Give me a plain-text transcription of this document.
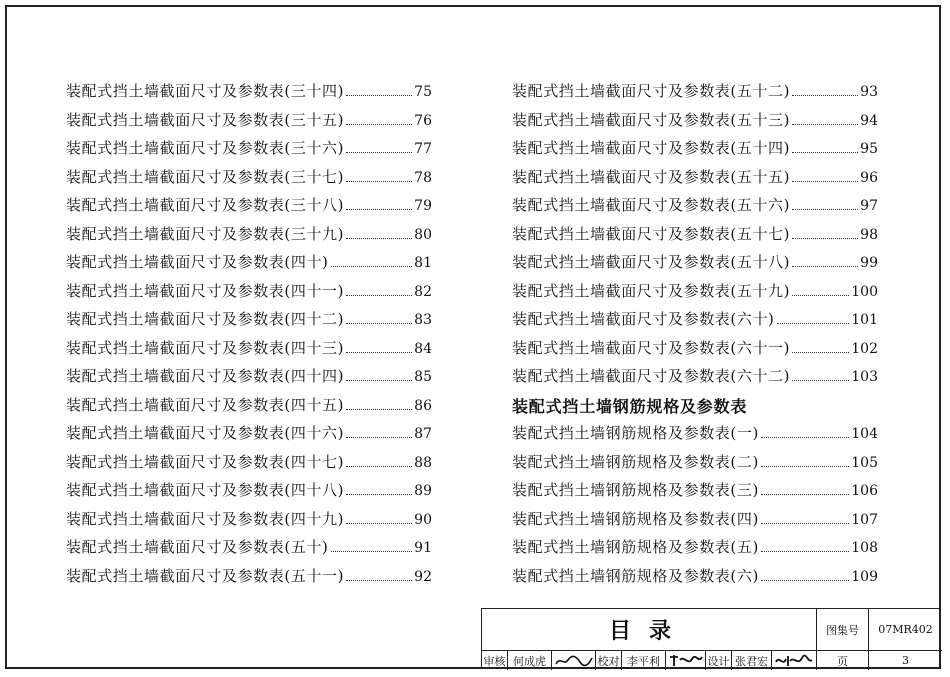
装配式挡土墙截面尺寸及参数表(三十四)	75
装配式挡土墙截面尺寸及参数表(三十五)	76
装配式挡土墙截面尺寸及参数表(三十六)	77
装配式挡土墙截面尺寸及参数表(三十七)	78
装配式挡土墙截面尺寸及参数表(三十八)	79
装配式挡土墙截面尺寸及参数表(三十九)	80
装配式挡土墙截面尺寸及参数表(四十)	81
装配式挡土墙截面尺寸及参数表(四十一)	82
装配式挡土墙截面尺寸及参数表(四十二)	83
装配式挡土墙截面尺寸及参数表(四十三)	84
装配式挡土墙截面尺寸及参数表(四十四)	85
装配式挡土墙截面尺寸及参数表(四十五)	86
装配式挡土墙截面尺寸及参数表(四十六)	87
装配式挡土墙截面尺寸及参数表(四十七)	88
装配式挡土墙截面尺寸及参数表(四十八)	89
装配式挡土墙截面尺寸及参数表(四十九)	90
装配式挡土墙截面尺寸及参数表(五十)	91
装配式挡土墙截面尺寸及参数表(五十一)	92
装配式挡土墙截面尺寸及参数表(五十二)	93
装配式挡土墙截面尺寸及参数表(五十三)	94
装配式挡土墙截面尺寸及参数表(五十四)	95
装配式挡土墙截面尺寸及参数表(五十五)	96
装配式挡土墙截面尺寸及参数表(五十六)	97
装配式挡土墙截面尺寸及参数表(五十七)	98
装配式挡土墙截面尺寸及参数表(五十八)	99
装配式挡土墙截面尺寸及参数表(五十九)	100
装配式挡土墙截面尺寸及参数表(六十)	101
装配式挡土墙截面尺寸及参数表(六十一)	102
装配式挡土墙截面尺寸及参数表(六十二)	103
装配式挡土墙钢筋规格及参数表
装配式挡土墙钢筋规格及参数表(一)	104
装配式挡土墙钢筋规格及参数表(二)	105
装配式挡土墙钢筋规格及参数表(三)	106
装配式挡土墙钢筋规格及参数表(四)	107
装配式挡土墙钢筋规格及参数表(五)	108
装配式挡土墙钢筋规格及参数表(六)	109
目录	图集号	07MR402
审核 何成虎	校对 李平利	设计 张君宏	页	3
